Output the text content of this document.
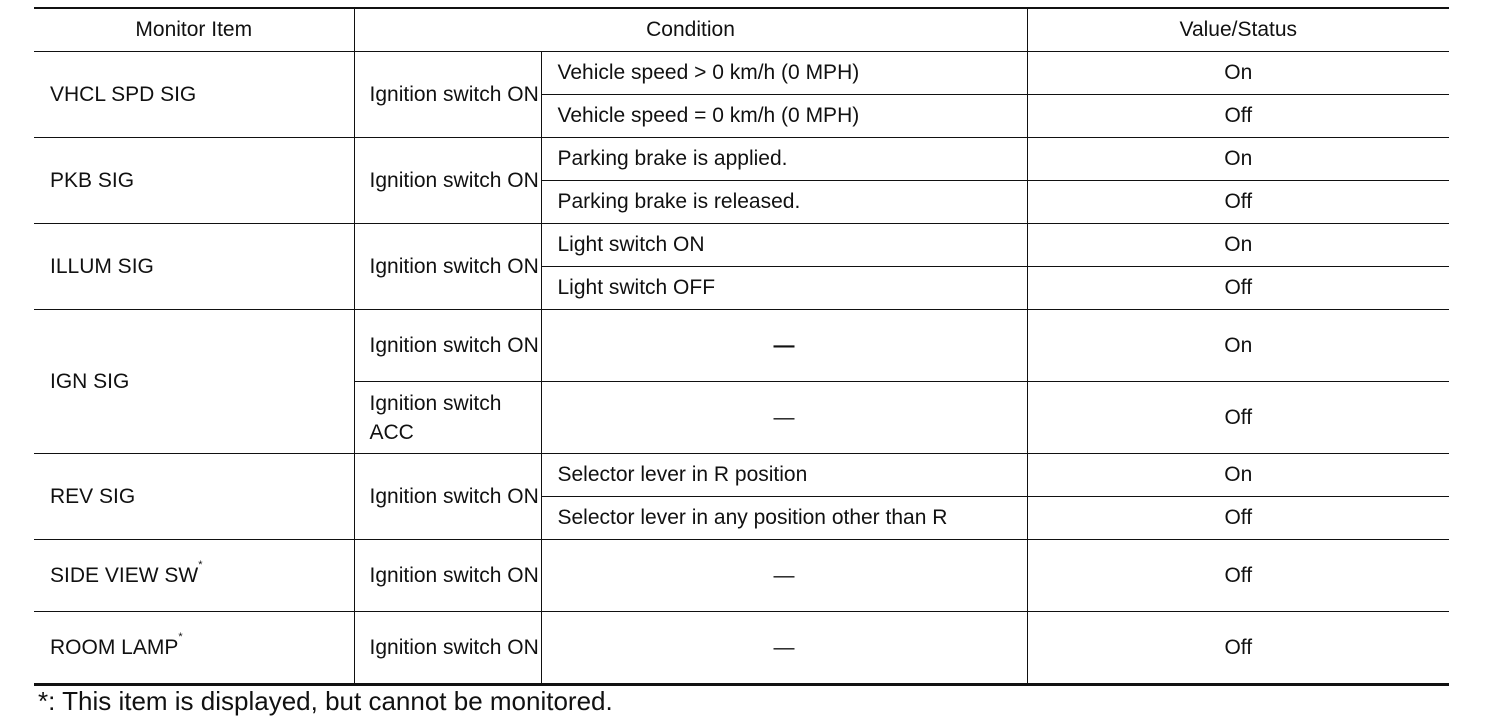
Monitor Item	Condition		Value/Status
VHCL SPD SIG	Ignition switch ON	Vehicle speed > 0 km/h (0 MPH)	On
		Vehicle speed = 0 km/h (0 MPH)	Off
PKB SIG	Ignition switch ON	Parking brake is applied.	On
		Parking brake is released.	Off
ILLUM SIG	Ignition switch ON	Light switch ON	On
		Light switch OFF	Off
IGN SIG	Ignition switch ON	—	On
	Ignition switch ACC	—	Off
REV SIG	Ignition switch ON	Selector lever in R position	On
		Selector lever in any position other than R	Off
SIDE VIEW SW*	Ignition switch ON	—	Off
ROOM LAMP*	Ignition switch ON	—	Off
*: This item is displayed, but cannot be monitored.
